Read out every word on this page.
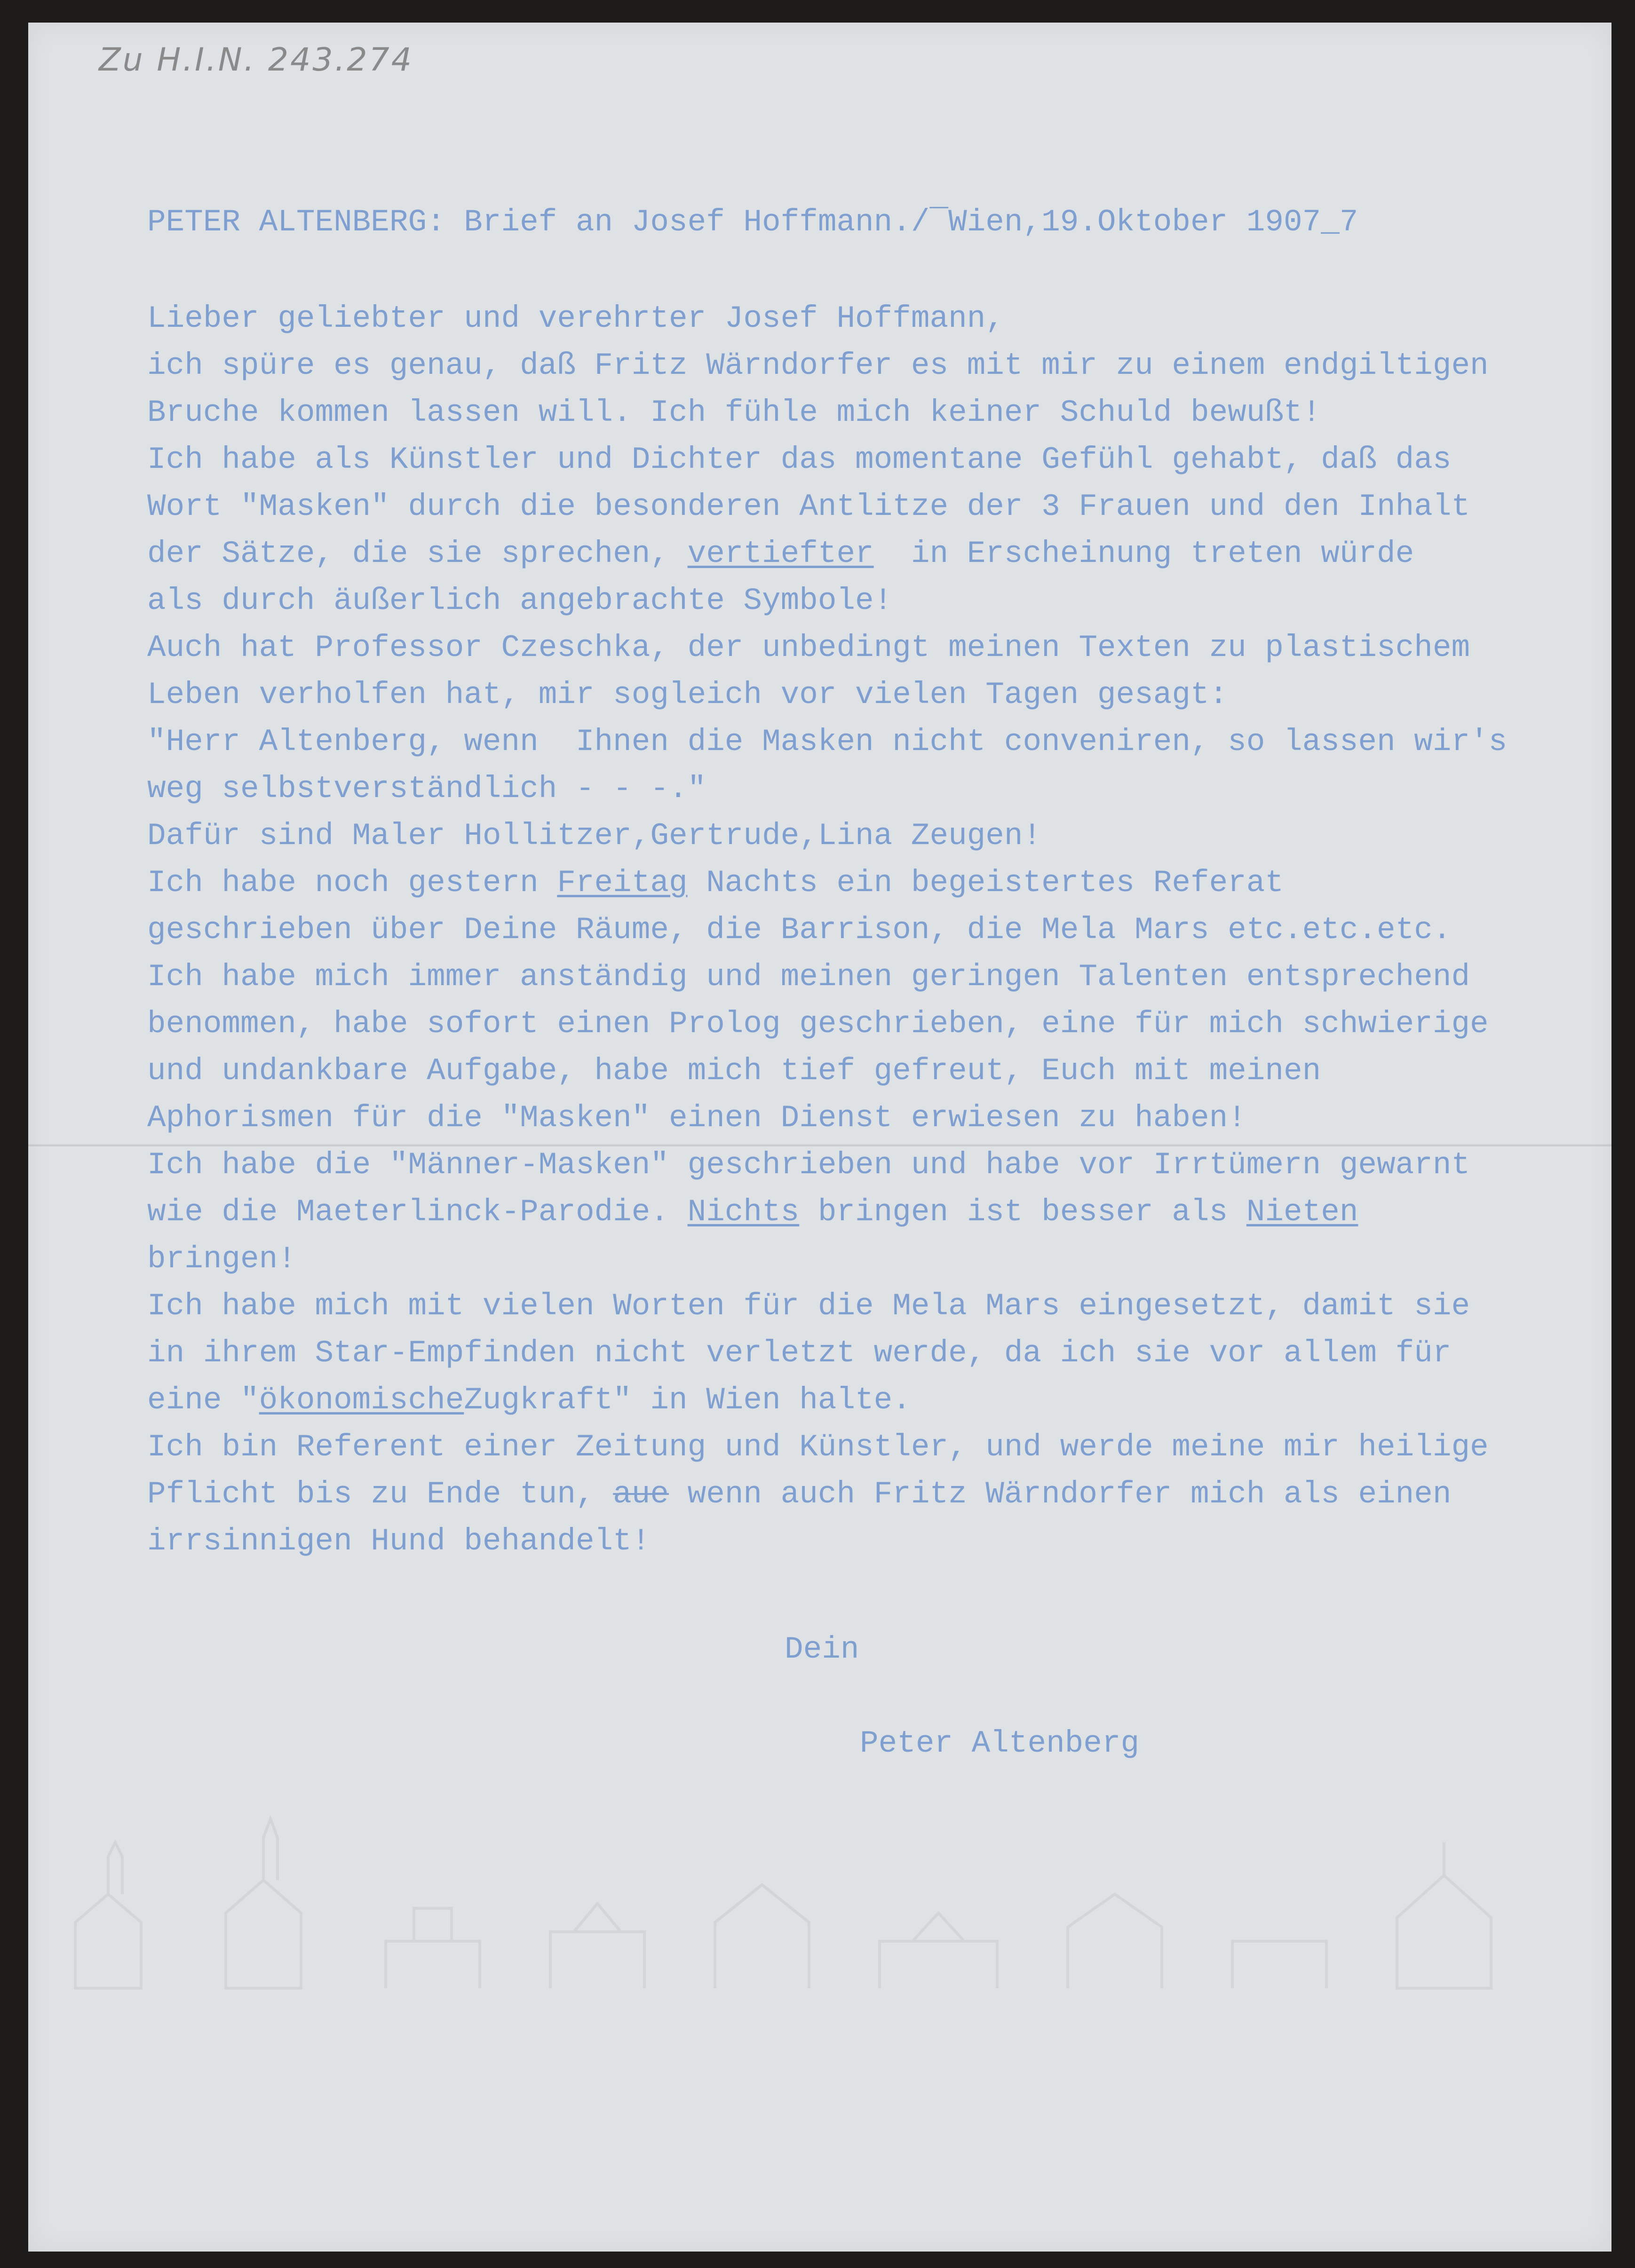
Zu H.I.N. 243.274

PETER ALTENBERG: Brief an Josef Hoffmann./‾Wien,19.Oktober 1907_7

Lieber geliebter und verehrter Josef Hoffmann,

ich spüre es genau, daß Fritz Wärndorfer es mit mir zu einem endgiltigen

Bruche kommen lassen will. Ich fühle mich keiner Schuld bewußt!

Ich habe als Künstler und Dichter das momentane Gefühl gehabt, daß das

Wort "Masken" durch die besonderen Antlitze der 3 Frauen und den Inhalt

der Sätze, die sie sprechen, vertiefter  in Erscheinung treten würde

als durch äußerlich angebrachte Symbole!

Auch hat Professor Czeschka, der unbedingt meinen Texten zu plastischem

Leben verholfen hat, mir sogleich vor vielen Tagen gesagt:

"Herr Altenberg, wenn  Ihnen die Masken nicht conveniren, so lassen wir's

weg selbstverständlich - - -."

Dafür sind Maler Hollitzer,Gertrude,Lina Zeugen!

Ich habe noch gestern Freitag Nachts ein begeistertes Referat

geschrieben über Deine Räume, die Barrison, die Mela Mars etc.etc.etc.

Ich habe mich immer anständig und meinen geringen Talenten entsprechend

benommen, habe sofort einen Prolog geschrieben, eine für mich schwierige

und undankbare Aufgabe, habe mich tief gefreut, Euch mit meinen

Aphorismen für die "Masken" einen Dienst erwiesen zu haben!

Ich habe die "Männer-Masken" geschrieben und habe vor Irrtümern gewarnt

wie die Maeterlinck-Parodie. Nichts bringen ist besser als Nieten

bringen!

Ich habe mich mit vielen Worten für die Mela Mars eingesetzt, damit sie

in ihrem Star-Empfinden nicht verletzt werde, da ich sie vor allem für

eine "ökonomischeZugkraft" in Wien halte.

Ich bin Referent einer Zeitung und Künstler, und werde meine mir heilige

Pflicht bis zu Ende tun, aue wenn auch Fritz Wärndorfer mich als einen

irrsinnigen Hund behandelt!

Dein

Peter Altenberg
